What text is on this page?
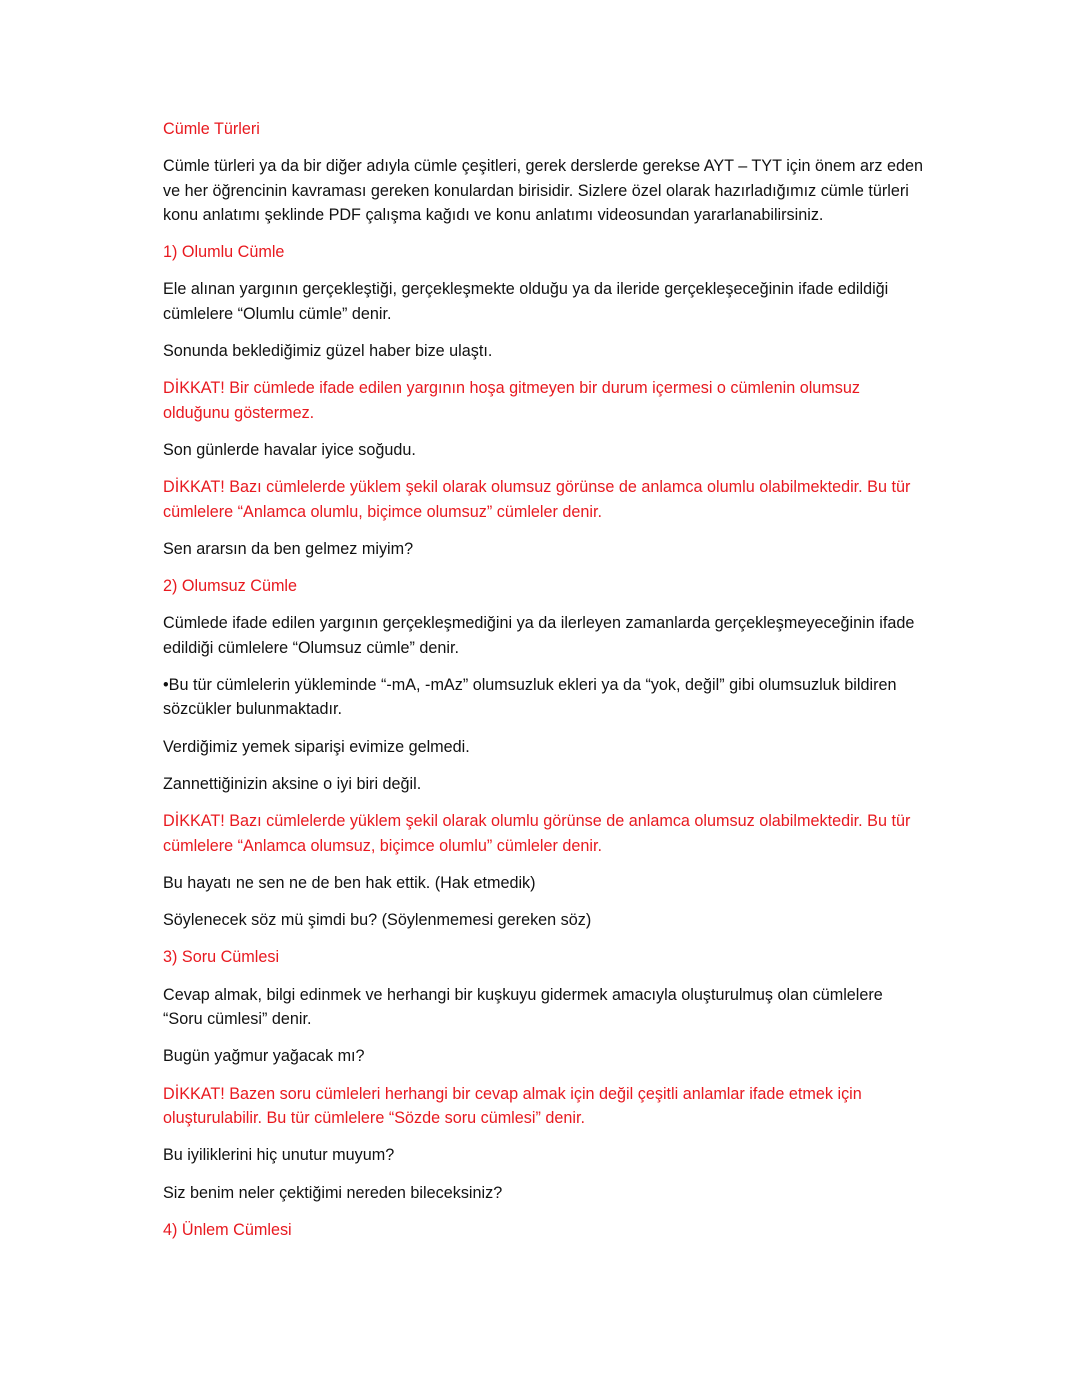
Cümle Türleri

Cümle türleri ya da bir diğer adıyla cümle çeşitleri, gerek derslerde gerekse AYT – TYT için önem arz eden ve her öğrencinin kavraması gereken konulardan birisidir. Sizlere özel olarak hazırladığımız cümle türleri konu anlatımı şeklinde PDF çalışma kağıdı ve konu anlatımı videosundan yararlanabilirsiniz.

1) Olumlu Cümle

Ele alınan yargının gerçekleştiği, gerçekleşmekte olduğu ya da ileride gerçekleşeceğinin ifade edildiği cümlelere “Olumlu cümle” denir.

Sonunda beklediğimiz güzel haber bize ulaştı.

DİKKAT! Bir cümlede ifade edilen yargının hoşa gitmeyen bir durum içermesi o cümlenin olumsuz olduğunu göstermez.

Son günlerde havalar iyice soğudu.

DİKKAT! Bazı cümlelerde yüklem şekil olarak olumsuz görünse de anlamca olumlu olabilmektedir. Bu tür cümlelere “Anlamca olumlu, biçimce olumsuz” cümleler denir.

Sen ararsın da ben gelmez miyim?

2) Olumsuz Cümle

Cümlede ifade edilen yargının gerçekleşmediğini ya da ilerleyen zamanlarda gerçekleşmeyeceğinin ifade edildiği cümlelere “Olumsuz cümle” denir.

•Bu tür cümlelerin yükleminde “-mA, -mAz” olumsuzluk ekleri ya da “yok, değil” gibi olumsuzluk bildiren sözcükler bulunmaktadır.

Verdiğimiz yemek siparişi evimize gelmedi.

Zannettiğinizin aksine o iyi biri değil.

DİKKAT! Bazı cümlelerde yüklem şekil olarak olumlu görünse de anlamca olumsuz olabilmektedir. Bu tür cümlelere “Anlamca olumsuz, biçimce olumlu” cümleler denir.

Bu hayatı ne sen ne de ben hak ettik. (Hak etmedik)

Söylenecek söz mü şimdi bu? (Söylenmemesi gereken söz)

3) Soru Cümlesi

Cevap almak, bilgi edinmek ve herhangi bir kuşkuyu gidermek amacıyla oluşturulmuş olan cümlelere “Soru cümlesi” denir.

Bugün yağmur yağacak mı?

DİKKAT! Bazen soru cümleleri herhangi bir cevap almak için değil çeşitli anlamlar ifade etmek için oluşturulabilir. Bu tür cümlelere “Sözde soru cümlesi” denir.

Bu iyiliklerini hiç unutur muyum?

Siz benim neler çektiğimi nereden bileceksiniz?

4) Ünlem Cümlesi
